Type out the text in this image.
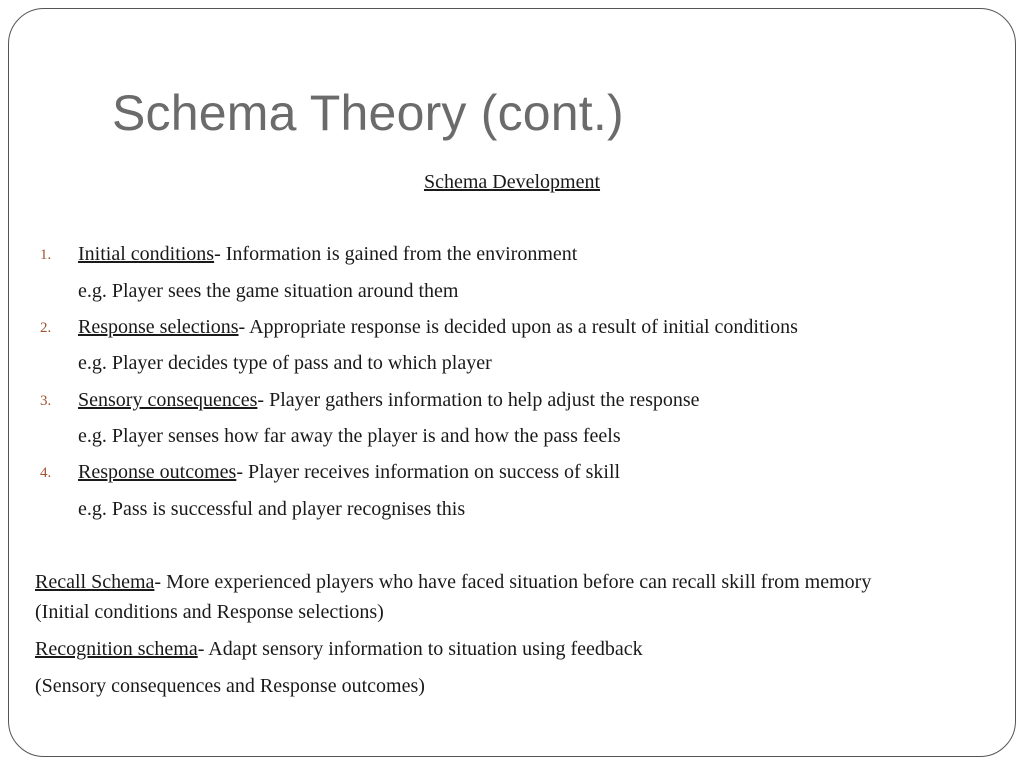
Schema Theory (cont.)
Schema Development
1. Initial conditions- Information is gained from the environment
e.g. Player sees the game situation around them
2. Response selections- Appropriate response is decided upon as a result of initial conditions
e.g. Player decides type of pass and to which player
3. Sensory consequences- Player gathers information to help adjust the response
e.g. Player senses how far away the player is and how the pass feels
4. Response outcomes- Player receives information on success of skill
e.g. Pass is successful and player recognises this
Recall Schema- More experienced players who have faced situation before can recall skill from memory
(Initial conditions and Response selections)
Recognition schema- Adapt sensory information to situation using feedback
(Sensory consequences and Response outcomes)
